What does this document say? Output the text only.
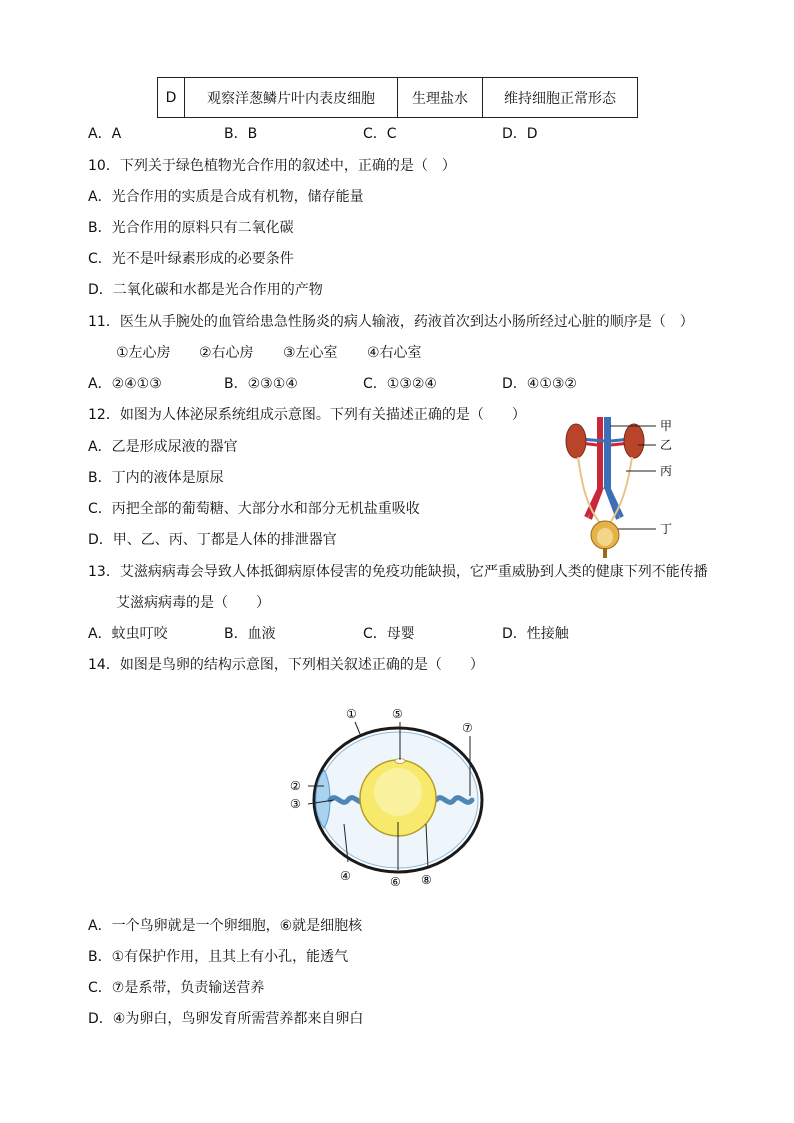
D	观察洋葱鳞片叶内表皮细胞	生理盐水	维持细胞正常形态
A．A	B．B	C．C	D．D
10．下列关于绿色植物光合作用的叙述中，正确的是（　）
A．光合作用的实质是合成有机物，储存能量
B．光合作用的原料只有二氧化碳
C．光不是叶绿素形成的必要条件
D．二氧化碳和水都是光合作用的产物
11．医生从手腕处的血管给患急性肠炎的病人输液，药液首次到达小肠所经过心脏的顺序是（　）
①左心房 ②右心房 ③左心室 ④右心室
A．②④①③	B．②③①④	C．①③②④	D．④①③②
12．如图为人体泌尿系统组成示意图。下列有关描述正确的是（　　）
A．乙是形成尿液的器官
B．丁内的液体是原尿
C．丙把全部的葡萄糖、大部分水和部分无机盐重吸收
D．甲、乙、丙、丁都是人体的排泄器官
甲
乙
丙
丁
13．艾滋病病毒会导致人体抵御病原体侵害的免疫功能缺损，它严重威胁到人类的健康下列不能传播
艾滋病病毒的是（　　）
A．蚊虫叮咬	B．血液	C．母婴	D．性接触
14．如图是鸟卵的结构示意图，下列相关叙述正确的是（　　）
①	⑤
⑦
②
③
④	⑥ ⑧
A．一个鸟卵就是一个卵细胞，⑥就是细胞核
B．①有保护作用，且其上有小孔，能透气
C．⑦是系带，负责输送营养
D．④为卵白，鸟卵发育所需营养都来自卵白
